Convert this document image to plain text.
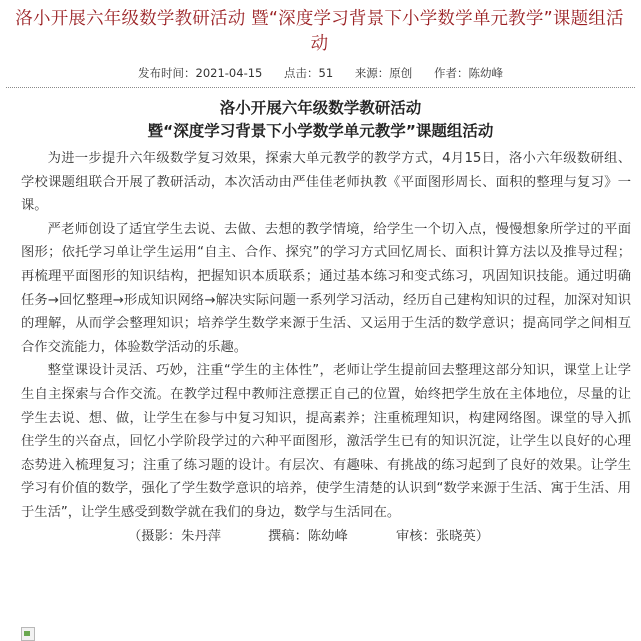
洛小开展六年级数学教研活动 暨“深度学习背景下小学数学单元教学”课题组活动
发布时间：2021-04-15 点击：51 来源：原创 作者：陈幼峰
洛小开展六年级数学教研活动
暨“深度学习背景下小学数学单元教学”课题组活动

为进一步提升六年级数学复习效果，探索大单元教学的教学方式，4月15日，洛小六年级数研组、学校课题组联合开展了教研活动，本次活动由严佳佳老师执教《平面图形周长、面积的整理与复习》一课。

严老师创设了适宜学生去说、去做、去想的教学情境，给学生一个切入点，慢慢想象所学过的平面图形；依托学习单让学生运用“自主、合作、探究”的学习方式回忆周长、面积计算方法以及推导过程；再梳理平面图形的知识结构，把握知识本质联系；通过基本练习和变式练习，巩固知识技能。通过明确任务→回忆整理→形成知识网络→解决实际问题一系列学习活动，经历自己建构知识的过程，加深对知识的理解，从而学会整理知识；培养学生数学来源于生活、又运用于生活的数学意识；提高同学之间相互合作交流能力，体验数学活动的乐趣。

整堂课设计灵活、巧妙，注重“学生的主体性”，老师让学生提前回去整理这部分知识，课堂上让学生自主探索与合作交流。在教学过程中教师注意摆正自己的位置，始终把学生放在主体地位，尽量的让学生去说、想、做，让学生在参与中复习知识，提高素养；注重梳理知识，构建网络图。课堂的导入抓住学生的兴奋点，回忆小学阶段学过的六种平面图形，激活学生已有的知识沉淀，让学生以良好的心理态势进入梳理复习；注重了练习题的设计。有层次、有趣味、有挑战的练习起到了良好的效果。让学生学习有价值的数学，强化了学生数学意识的培养，使学生清楚的认识到“数学来源于生活、寓于生活、用于生活”，让学生感受到数学就在我们的身边，数学与生活同在。

（摄影：朱丹萍	撰稿：陈幼峰	审核：张晓英）
